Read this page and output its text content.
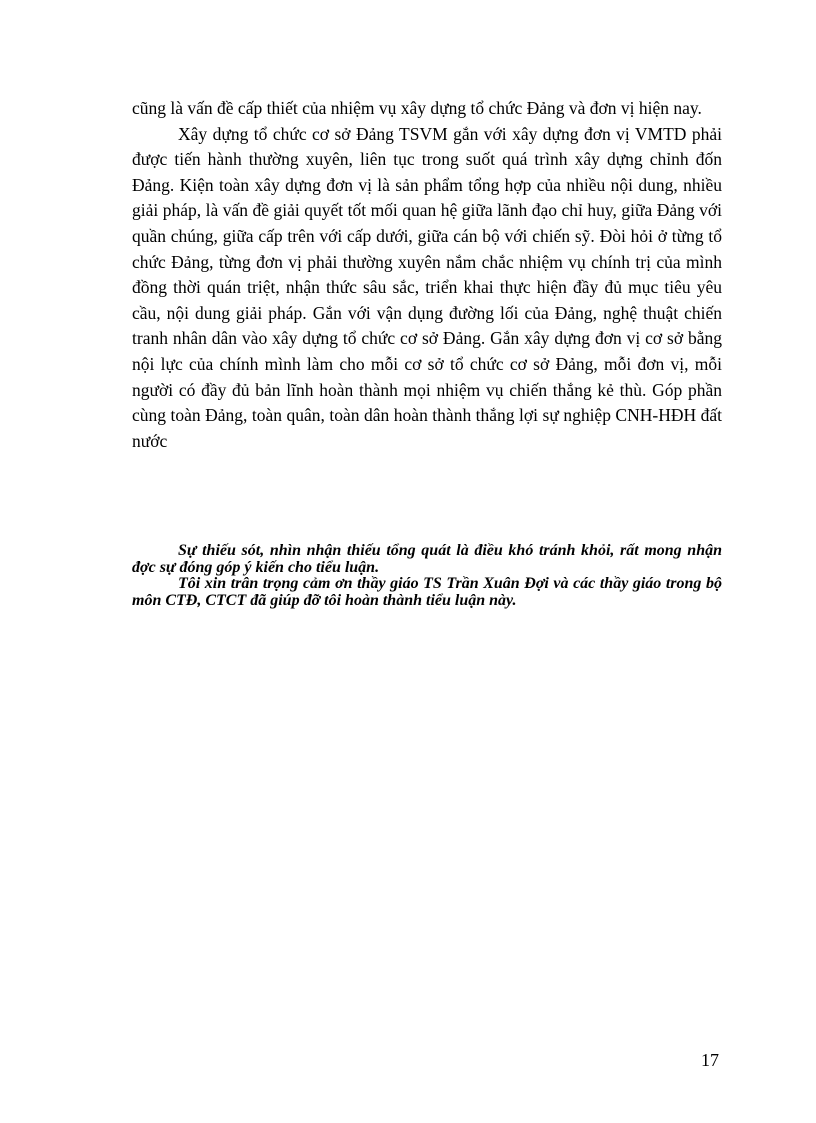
cũng là vấn đề cấp thiết của nhiệm vụ xây dựng tổ chức Đảng và đơn vị hiện nay.

Xây dựng tổ chức cơ sở Đảng TSVM gắn với xây dựng đơn vị VMTD phải được tiến hành thường xuyên, liên tục trong suốt quá trình xây dựng chỉnh đốn Đảng. Kiện toàn xây dựng đơn vị là sản phẩm tổng hợp của nhiều nội dung, nhiều giải pháp, là vấn đề giải quyết tốt mối quan hệ giữa lãnh đạo chỉ huy, giữa Đảng với quần chúng, giữa cấp trên với cấp dưới, giữa cán bộ với chiến sỹ. Đòi hỏi ở từng tổ chức Đảng, từng đơn vị phải thường xuyên nắm chắc nhiệm vụ chính trị của mình đồng thời quán triệt, nhận thức sâu sắc, triển khai thực hiện đầy đủ mục tiêu yêu cầu, nội dung giải pháp. Gắn với vận dụng đường lối của Đảng, nghệ thuật chiến tranh nhân dân vào xây dựng tổ chức cơ sở Đảng. Gắn xây dựng đơn vị cơ sở bằng nội lực của chính mình làm cho mỗi cơ sở tổ chức cơ sở Đảng, mỗi đơn vị, mỗi người có đầy đủ bản lĩnh hoàn thành mọi nhiệm vụ chiến thắng kẻ thù. Góp phần cùng toàn Đảng, toàn quân, toàn dân hoàn thành thắng lợi sự nghiệp CNH-HĐH đất nước

Sự thiếu sót, nhìn nhận thiếu tổng quát là điều khó tránh khỏi, rất mong nhận đợc sự đóng góp ý kiến cho tiểu luận.

Tôi xin trân trọng cảm ơn thầy giáo TS Trần Xuân Đợi và các thầy giáo trong bộ môn CTĐ, CTCT đã giúp đỡ tôi hoàn thành tiểu luận này.

17
